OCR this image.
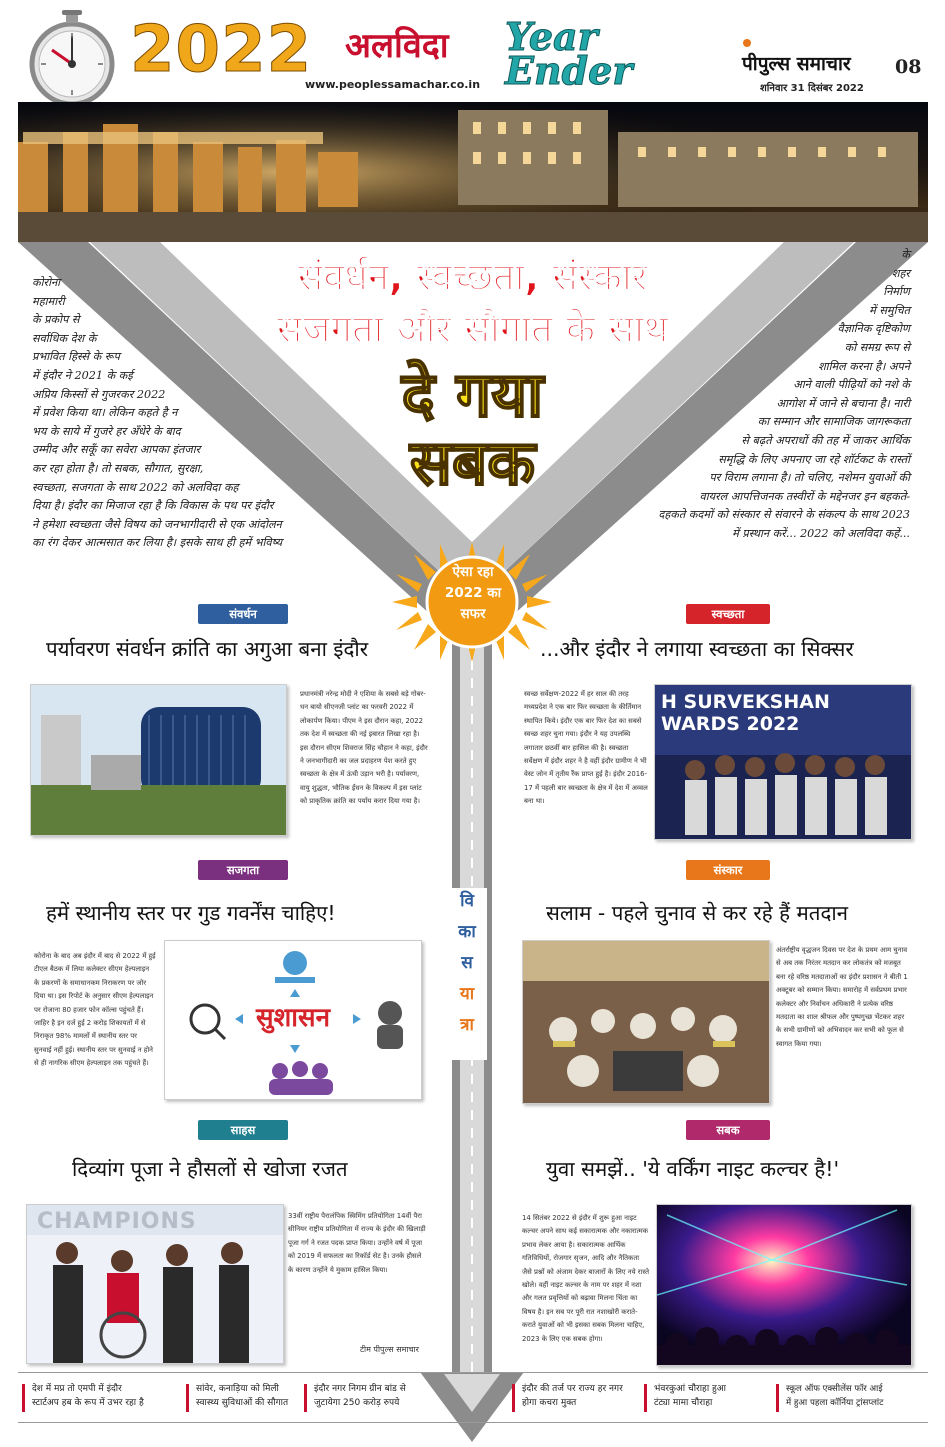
2022 अलविदा
www.peoplessamachar.co.in
Year Ender	पीपुल्स समाचार 08
शनिवार 31 दिसंबर 2022
संवर्धन, स्वच्छता, संस्कार
सजगता और सौगात के साथ
दे गया
सबक
कोरोना
महामारी
के प्रकोप से
सर्वाधिक देश के
प्रभावित हिस्से के रूप
में इंदौर ने 2021 के कई
अप्रिय किस्सों से गुजरकर 2022
में प्रवेश किया था। लेकिन कहते है न
भय के साये में गुजरे हर अँधेरे के बाद
उम्मीद और सकूँ का सवेरा आपका इंतजार
कर रहा होता है। तो सबक, सौगात, सुरक्षा,
स्वच्छता, सजगता के साथ 2022 को अलविदा कह
दिया है। इंदौर का मिजाज रहा है कि विकास के पथ पर इंदौर
ने हमेशा स्वच्छता जैसे विषय को जनभागीदारी से एक आंदोलन
का रंग देकर आत्मसात कर लिया है। इसके साथ ही हमें भविष्य
के
शहर
निर्माण
में समुचित
वैज्ञानिक दृष्टिकोण
को समग्र रूप से
शामिल करना है। अपने
आने वाली पीढ़ियों को नशे के
आगोश में जाने से बचाना है। नारी
का सम्मान और सामाजिक जागरूकता
से बढ़ते अपराधों की तह में जाकर आर्थिक
समृद्धि के लिए अपनाए जा रहे शॉर्टकट के रास्तों
पर विराम लगाना है। तो चलिए, नशेमन युवाओं की
वायरल आपत्तिजनक तस्वीरों के मद्देनजर इन बहकते-
दहकते कदमों को संस्कार से संवारने के संकल्प के साथ 2023
में प्रस्थान करें... 2022 को अलविदा कहें...
ऐसा रहा
2022 का
सफर
वि
का
स
या
त्रा
संवर्धन
पर्यावरण संवर्धन क्रांति का अगुआ बना इंदौर
प्रधानमंत्री नरेन्द्र मोदी ने एशिया के सबसे बड़े गोबर-धन बायो सीएनजी प्लांट का फरवरी 2022 में लोकार्पण किया। पीएम ने इस दौरान कहा, 2022 तक देश में स्वच्छता की नई इबारत लिखा रहा है। इस दौरान सीएम शिवराज सिंह चौहान ने कहा, इंदौर ने जनभागीदारी का जल प्रदाहरण पेश करते हुए स्वच्छता के क्षेत्र में ऊंची उड़ान भरी है। पर्यावरण, वायु शुद्धता, भौतिक ईंधन के विकल्प में इस प्लांट को प्राकृतिक क्रांति का पर्याय करार दिया गया है।
स्वच्छता
...और इंदौर ने लगाया स्वच्छता का सिक्सर
स्वच्छ सर्वेक्षण-2022 में हर साल की तरह मध्यप्रदेश ने एक बार फिर स्वच्छता के कीर्तिमान स्थापित किये। इंदौर एक बार फिर देश का सबसे स्वच्छ शहर चुना गया। इंदौर ने यह उपलब्धि लगातार छठवीं बार हासिल की है। स्वच्छता सर्वेक्षण में इंदौर शहर ने है वहीं इंदौर ग्रामीण ने भी वेस्ट जोन में तृतीय रैंक प्राप्त हुई है। इंदौर 2016-17 में पहली बार स्वच्छता के क्षेत्र में देश में अव्वल बना था।
H SURVEKSHAN
WARDS 2022
सजगता
हमें स्थानीय स्तर पर गुड गवर्नेंस चाहिए!
कोरोना के बाद अब इंदौर में बाद से 2022 में हुई टीएल बैठक में लिया कलेक्टर सीएम हेल्पलाइन के प्रकरणों के समाधानकम निराकरण पर जोर दिया था। इस रिपोर्ट के अनुसार सीएम हेल्पलाइन पर रोजाना 80 हजार फोन कॉल्स पहुंचते हैं। जाहिर है इन दर्ज हुई 2 करोड़ शिकायतों में से निराकृत 98% मामलों में स्थानीय स्तर पर सुनवाई नहीं हुई। स्थानीय स्तर पर सुनवाई न होने से ही नागरिक सीएम हेल्पलाइन तक पहुंचते हैं।
सुशासन
संस्कार
सलाम - पहले चुनाव से कर रहे हैं मतदान
अंतर्राष्ट्रीय वृद्धजन दिवस पर देश के प्रथम आम चुनाव से अब तक निरंतर मतदान कर लोकतंत्र को मजबूत बना रहे वरिष्ठ मतदाताओं का इंदौर प्रशासन ने बीती 1 अक्टूबर को सम्मान किया। समारोह में सर्वप्रथम प्रभार कलेक्टर और निर्वाचन अधिकारी ने प्रत्येक वरिष्ठ मतदाता का शाल श्रीफल और पुष्पगुच्छ भेंटकर शहर के सभी ग्रामीणों को अभिवादन कर सभी को फूल से स्वागत किया गया।
साहस
दिव्यांग पूजा ने हौसलों से खोजा रजत
CHAMPIONS	33वीं राष्ट्रीय पैरालंपिक स्विमिंग प्रतियोगिता 14वीं पैरा सीनियर राष्ट्रीय प्रतियोगिता में राज्य के इंदौर की खिलाड़ी पूजा गर्ग ने रजत पदक प्राप्त किया। उन्होंने वर्ष में पूजा को 2019 में सफलता का रिकॉर्ड सेट है। उनके हौसले के कारण उन्होंने ये मुकाम हासिल किया।
टीम पीपुल्स समाचार
सबक
युवा समझें.. 'ये वर्किंग नाइट कल्चर है!'
14 सितंबर 2022 से इंदौर में शुरू हुआ नाइट कल्चर अपने साथ कई सकारात्मक और नकारात्मक प्रभाव लेकर आया है। सकारात्मक आर्थिक गतिविधियों, रोजगार सृजन, आदि और नैतिकता जैसे प्रश्नों को अंजाम देकर बाजारों के लिए नये रास्ते खोले। वहीं नाइट कल्चर के नाम पर शहर में नशा और गलत प्रवृत्तियों को बढ़ावा मिलना चिंता का विषय है। इन सब पर पूरी रात नशाखोरी कराते-कराते युवाओं को भी इसका सबक मिलना चाहिए, 2023 के लिए एक सबक होगा।
देश में मप्र तो एमपी में इंदौर
स्टार्टअप हब के रूप में उभर रहा है
सांवेर, कनाड़िया को मिली
स्वास्थ्य सुविधाओं की सौगात
इंदौर नगर निगम ग्रीन बांड से
जुटायेगा 250 करोड़ रुपये
इंदौर की तर्ज पर राज्य हर नगर
होगा कचरा मुक्त
भंवरकुआं चौराहा हुआ
टंट्या मामा चौराहा
स्कूल ऑफ एक्सीलेंस फॉर आई
में हुआ पहला कॉर्निया ट्रांसप्लांट
